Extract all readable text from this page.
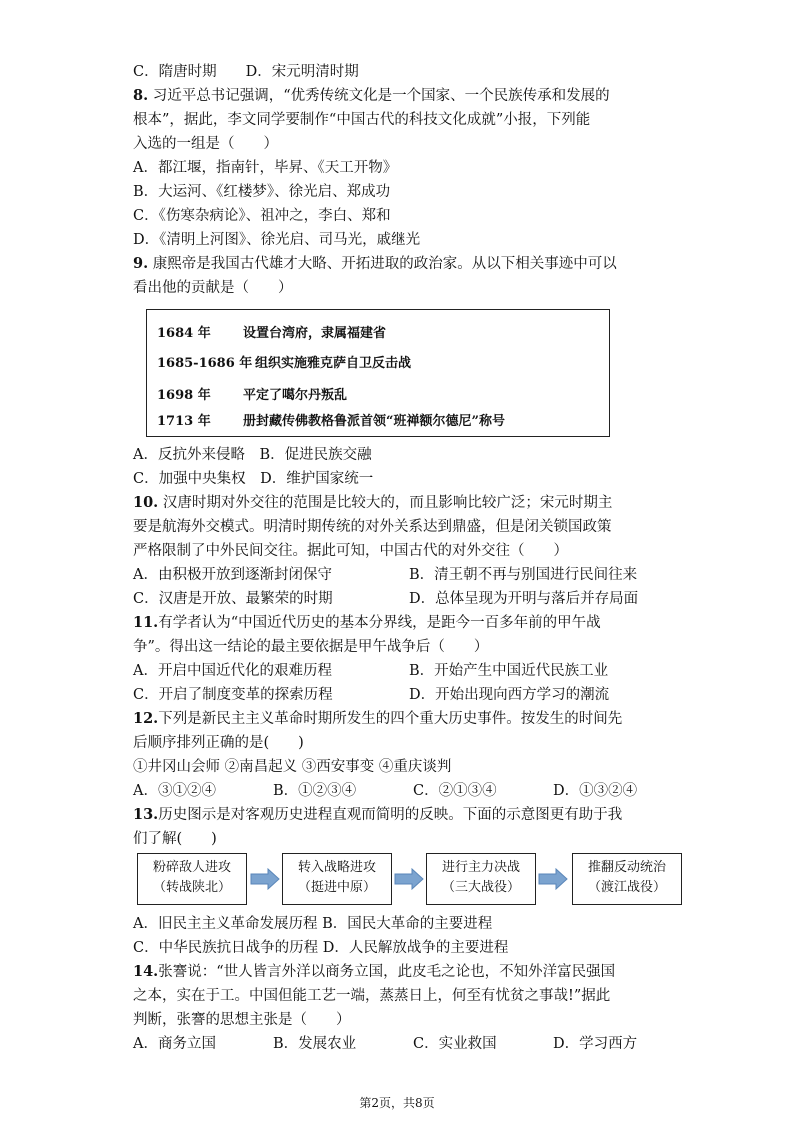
C．隋唐时期　　D．宋元明清时期
8. 习近平总书记强调，“优秀传统文化是一个国家、一个民族传承和发展的
根本”，据此，李文同学要制作“中国古代的科技文化成就”小报，下列能
入选的一组是（　　）
A．都江堰，指南针，毕昇、《天工开物》
B．大运河、《红楼梦》、徐光启、郑成功
C．《伤寒杂病论》、祖冲之，李白、郑和
D．《清明上河图》、徐光启、司马光，戚继光
9. 康熙帝是我国古代雄才大略、开拓进取的政治家。从以下相关事迹中可以
看出他的贡献是（　　）
1684 年 设置台湾府，隶属福建省
1685-1686 年 组织实施雅克萨自卫反击战
1698 年 平定了噶尔丹叛乱
1713 年 册封藏传佛教格鲁派首领“班禅额尔德尼”称号
A．反抗外来侵略　B．促进民族交融
C．加强中央集权　D．维护国家统一
10. 汉唐时期对外交往的范围是比较大的，而且影响比较广泛；宋元时期主
要是航海外交模式。明清时期传统的对外关系达到鼎盛，但是闭关锁国政策
严格限制了中外民间交往。据此可知，中国古代的对外交往（　　）
A．由积极开放到逐渐封闭保守	B．清王朝不再与别国进行民间往来
C．汉唐是开放、最繁荣的时期	D．总体呈现为开明与落后并存局面
11.有学者认为“中国近代历史的基本分界线，是距今一百多年前的甲午战
争”。得出这一结论的最主要依据是甲午战争后（　　）
A．开启中国近代化的艰难历程	B．开始产生中国近代民族工业
C．开启了制度变革的探索历程	D．开始出现向西方学习的潮流
12.下列是新民主主义革命时期所发生的四个重大历史事件。按发生的时间先
后顺序排列正确的是(　　)
①井冈山会师 ②南昌起义 ③西安事变 ④重庆谈判
A．③①②④	B．①②③④	C．②①③④	D．①③②④
13.历史图示是对客观历史进程直观而简明的反映。下面的示意图更有助于我
们了解(　　)
粉碎敌人进攻
（转战陕北）
转入战略进攻
（挺进中原）
进行主力决战
（三大战役）
推翻反动统治
（渡江战役）
A．旧民主主义革命发展历程 B．国民大革命的主要进程
C．中华民族抗日战争的历程 D．人民解放战争的主要进程
14.张謇说：“世人皆言外洋以商务立国，此皮毛之论也，不知外洋富民强国
之本，实在于工。中国但能工艺一端，蒸蒸日上，何至有忧贫之事哉!”据此
判断，张謇的思想主张是（　　）
A．商务立国	B．发展农业	C．实业救国	D．学习西方
第2页，共8页
